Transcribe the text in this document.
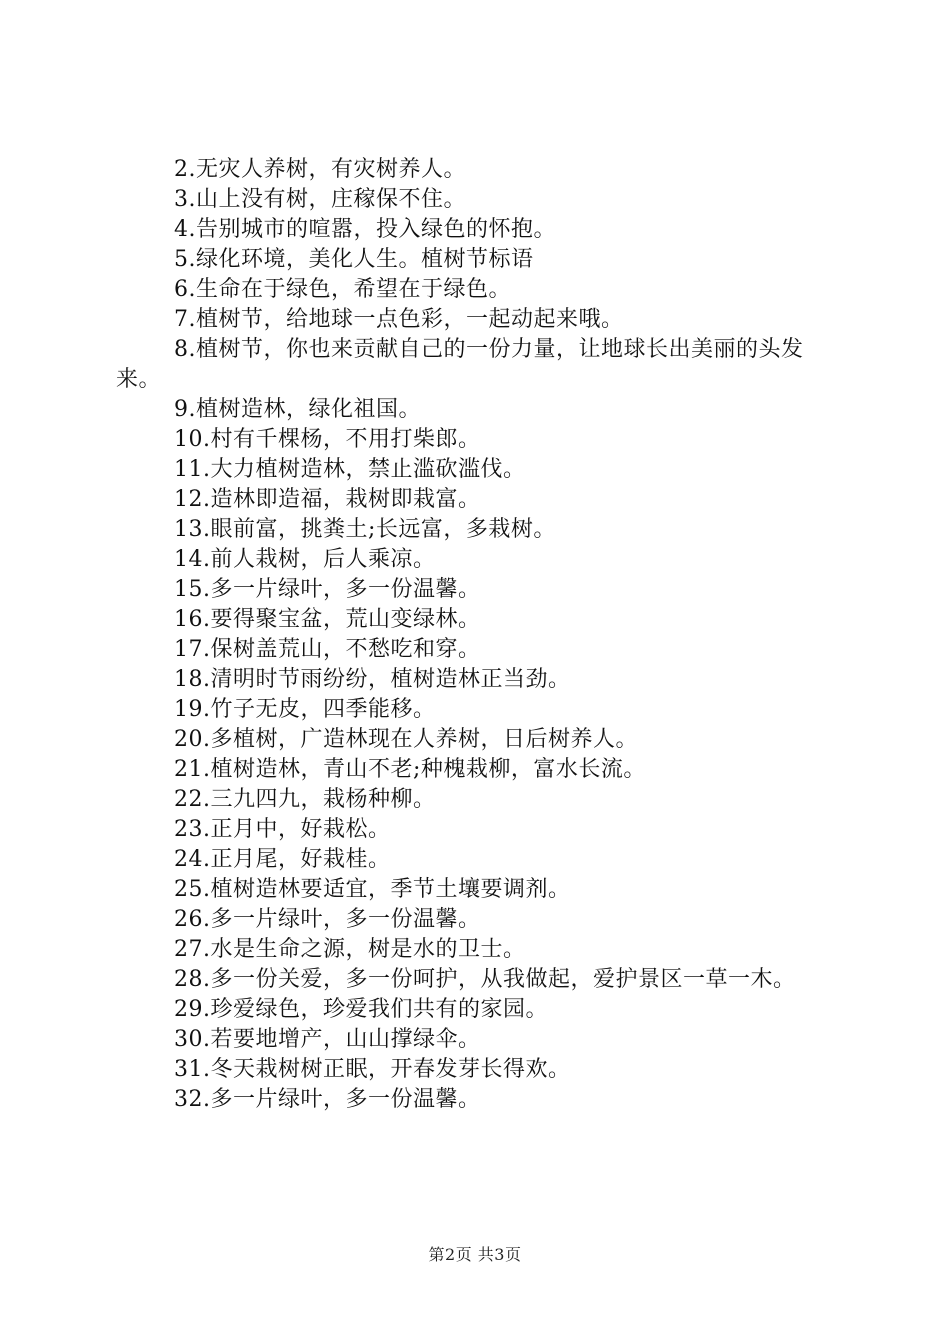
2.无灾人养树，有灾树养人。

3.山上没有树，庄稼保不住。

4.告别城市的喧嚣，投入绿色的怀抱。

5.绿化环境，美化人生。植树节标语

6.生命在于绿色，希望在于绿色。

7.植树节，给地球一点色彩，一起动起来哦。

8.植树节，你也来贡献自己的一份力量，让地球长出美丽的头发来。

9.植树造林，绿化祖国。

10.村有千棵杨，不用打柴郎。

11.大力植树造林，禁止滥砍滥伐。

12.造林即造福，栽树即栽富。

13.眼前富，挑粪土;长远富，多栽树。

14.前人栽树，后人乘凉。

15.多一片绿叶，多一份温馨。

16.要得聚宝盆，荒山变绿林。

17.保树盖荒山，不愁吃和穿。

18.清明时节雨纷纷，植树造林正当劲。

19.竹子无皮，四季能移。

20.多植树，广造林现在人养树，日后树养人。

21.植树造林，青山不老;种槐栽柳，富水长流。

22.三九四九，栽杨种柳。

23.正月中，好栽松。

24.正月尾，好栽桂。

25.植树造林要适宜，季节土壤要调剂。

26.多一片绿叶，多一份温馨。

27.水是生命之源，树是水的卫士。

28.多一份关爱，多一份呵护，从我做起，爱护景区一草一木。

29.珍爱绿色，珍爱我们共有的家园。

30.若要地增产，山山撑绿伞。

31.冬天栽树树正眠，开春发芽长得欢。

32.多一片绿叶，多一份温馨。

第2页 共3页
